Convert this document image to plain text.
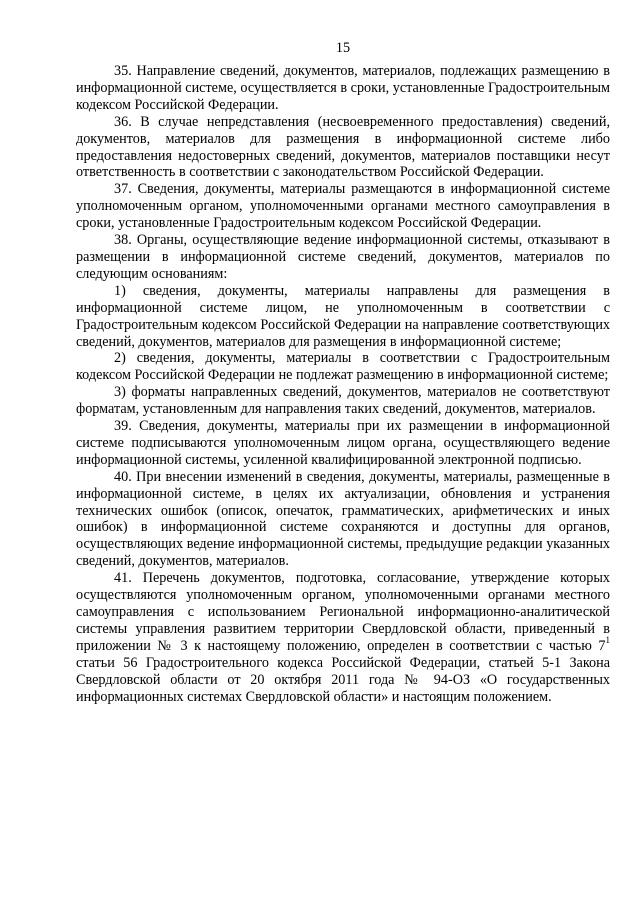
15

35. Направление сведений, документов, материалов, подлежащих размещению в информационной системе, осуществляется в сроки, установленные Градостроительным кодексом Российской Федерации.

36. В случае непредставления (несвоевременного предоставления) сведений, документов, материалов для размещения в информационной системе либо предоставления недостоверных сведений, документов, материалов поставщики несут ответственность в соответствии с законодательством Российской Федерации.

37. Сведения, документы, материалы размещаются в информационной системе уполномоченным органом, уполномоченными органами местного самоуправления в сроки, установленные Градостроительным кодексом Российской Федерации.

38. Органы, осуществляющие ведение информационной системы, отказывают в размещении в информационной системе сведений, документов, материалов по следующим основаниям:

1) сведения, документы, материалы направлены для размещения в информационной системе лицом, не уполномоченным в соответствии с Градостроительным кодексом Российской Федерации на направление соответствующих сведений, документов, материалов для размещения в информационной системе;

2) сведения, документы, материалы в соответствии с Градостроительным кодексом Российской Федерации не подлежат размещению в информационной системе;

3) форматы направленных сведений, документов, материалов не соответствуют форматам, установленным для направления таких сведений, документов, материалов.

39. Сведения, документы, материалы при их размещении в информационной системе подписываются уполномоченным лицом органа, осуществляющего ведение информационной системы, усиленной квалифицированной электронной подписью.

40. При внесении изменений в сведения, документы, материалы, размещенные в информационной системе, в целях их актуализации, обновления и устранения технических ошибок (описок, опечаток, грамматических, арифметических и иных ошибок) в информационной системе сохраняются и доступны для органов, осуществляющих ведение информационной системы, предыдущие редакции указанных сведений, документов, материалов.

41. Перечень документов, подготовка, согласование, утверждение которых осуществляются уполномоченным органом, уполномоченными органами местного самоуправления с использованием Региональной информационно-аналитической системы управления развитием территории Свердловской области, приведенный в приложении № 3 к настоящему положению, определен в соответствии с частью $7^1$ статьи 56 Градостроительного кодекса Российской Федерации, статьей 5-1 Закона Свердловской области от 20 октября 2011 года № 94-ОЗ «О государственных информационных системах Свердловской области» и настоящим положением.
